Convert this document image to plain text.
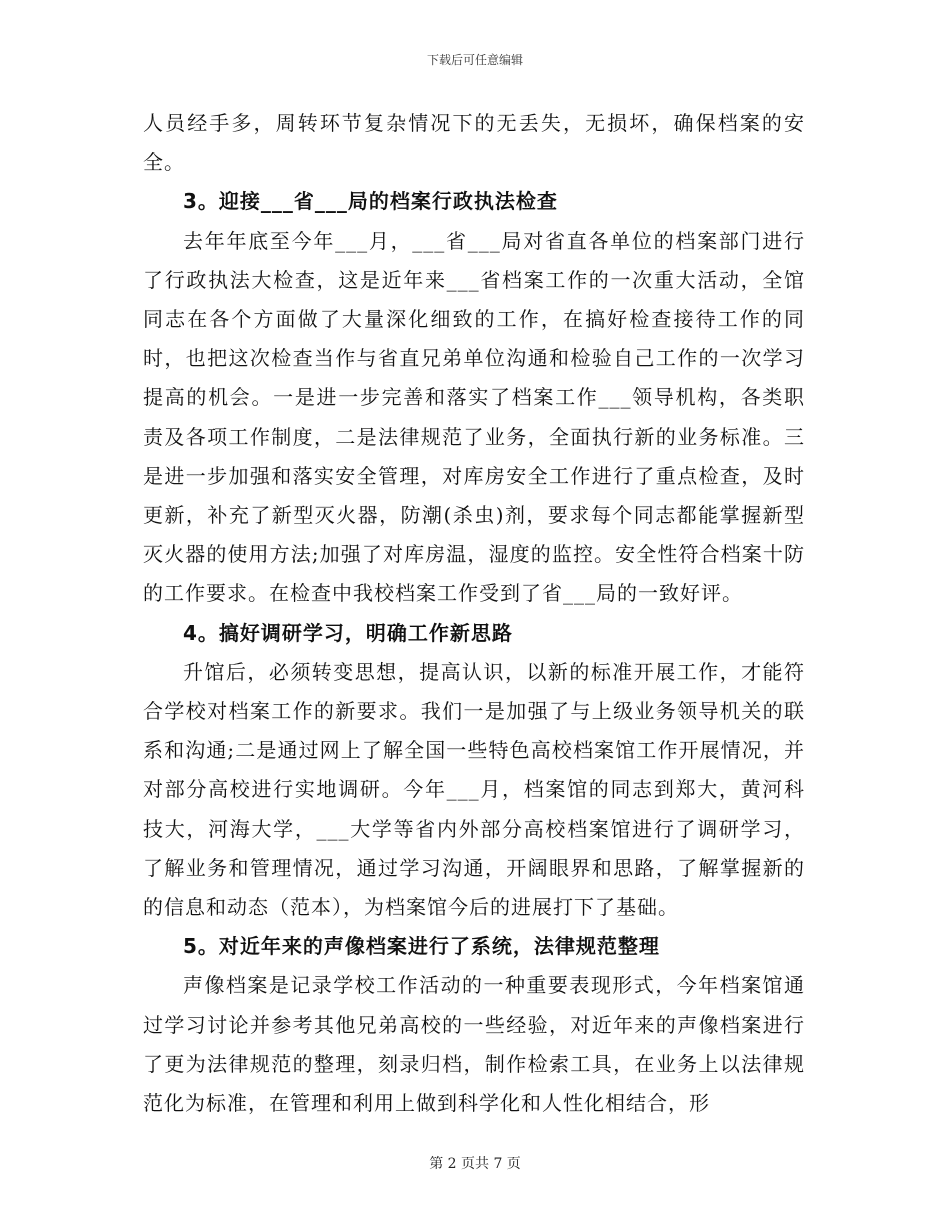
下载后可任意编辑

人员经手多，周转环节复杂情况下的无丢失，无损坏，确保档案的安全。

3。迎接___省___局的档案行政执法检查

去年年底至今年___月，___省___局对省直各单位的档案部门进行了行政执法大检查，这是近年来___省档案工作的一次重大活动，全馆同志在各个方面做了大量深化细致的工作，在搞好检查接待工作的同时，也把这次检查当作与省直兄弟单位沟通和检验自己工作的一次学习提高的机会。一是进一步完善和落实了档案工作___领导机构，各类职责及各项工作制度，二是法律规范了业务，全面执行新的业务标准。三是进一步加强和落实安全管理，对库房安全工作进行了重点检查，及时更新，补充了新型灭火器，防潮(杀虫)剂，要求每个同志都能掌握新型灭火器的使用方法;加强了对库房温，湿度的监控。安全性符合档案十防的工作要求。在检查中我校档案工作受到了省___局的一致好评。

4。搞好调研学习，明确工作新思路

升馆后，必须转变思想，提高认识，以新的标准开展工作，才能符合学校对档案工作的新要求。我们一是加强了与上级业务领导机关的联系和沟通;二是通过网上了解全国一些特色高校档案馆工作开展情况，并对部分高校进行实地调研。今年___月，档案馆的同志到郑大，黄河科技大，河海大学，___大学等省内外部分高校档案馆进行了调研学习，了解业务和管理情况，通过学习沟通，开阔眼界和思路，了解掌握新的的信息和动态（范本），为档案馆今后的进展打下了基础。

5。对近年来的声像档案进行了系统，法律规范整理

声像档案是记录学校工作活动的一种重要表现形式，今年档案馆通过学习讨论并参考其他兄弟高校的一些经验，对近年来的声像档案进行了更为法律规范的整理，刻录归档，制作检索工具，在业务上以法律规范化为标准，在管理和利用上做到科学化和人性化相结合，形

第 2 页共 7 页
